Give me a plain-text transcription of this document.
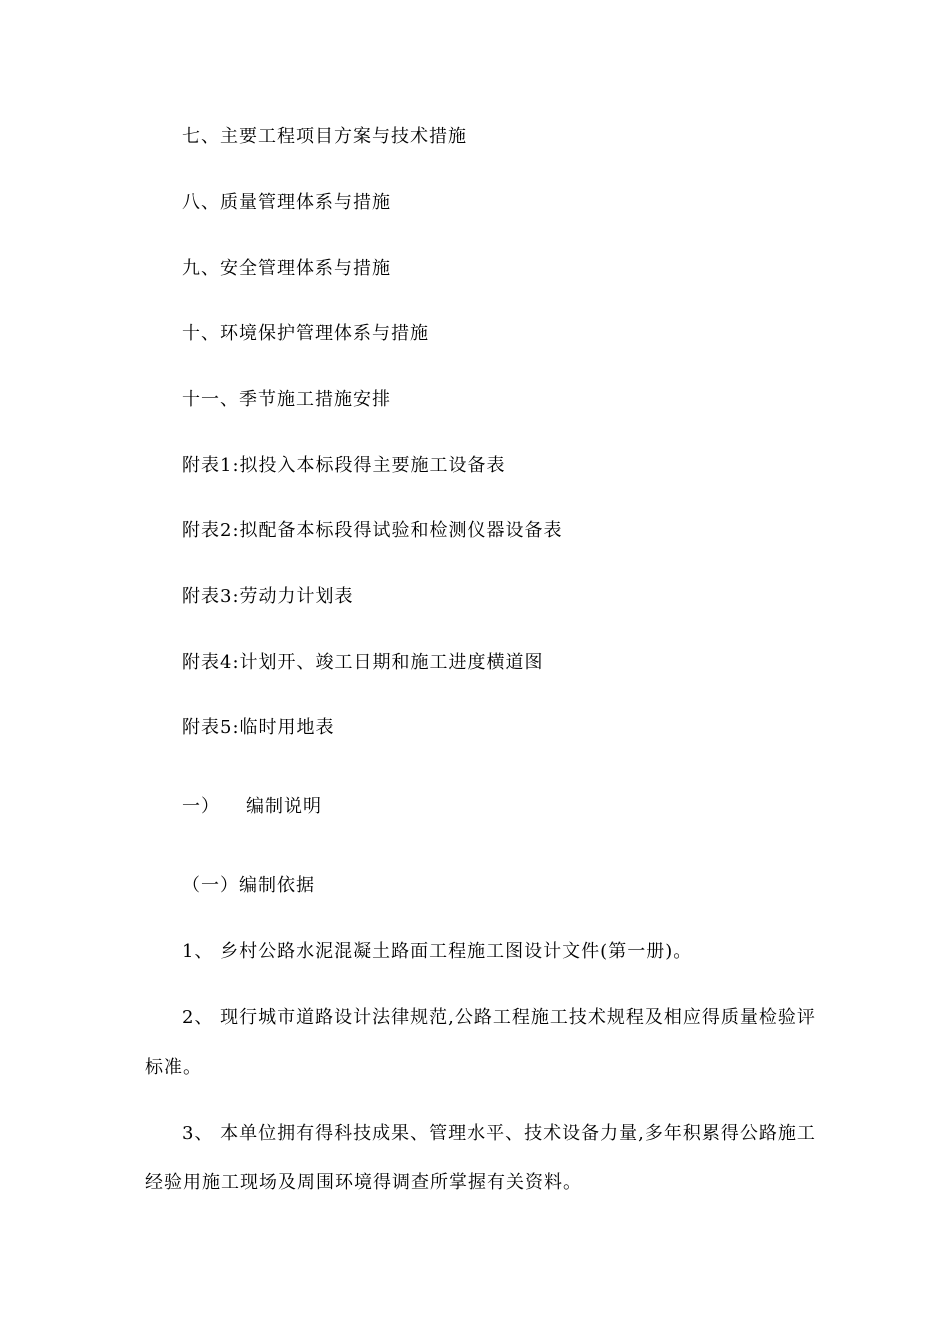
七、主要工程项目方案与技术措施
八、质量管理体系与措施
九、安全管理体系与措施
十、环境保护管理体系与措施
十一、季节施工措施安排
附表1:拟投入本标段得主要施工设备表
附表2:拟配备本标段得试验和检测仪器设备表
附表3:劳动力计划表
附表4:计划开、竣工日期和施工进度横道图
附表5:临时用地表
一） 编制说明
（一）编制依据
1、 乡村公路水泥混凝土路面工程施工图设计文件(第一册)。
2、 现行城市道路设计法律规范,公路工程施工技术规程及相应得质量检验评
标准。
3、 本单位拥有得科技成果、管理水平、技术设备力量,多年积累得公路施工
经验用施工现场及周围环境得调查所掌握有关资料。
